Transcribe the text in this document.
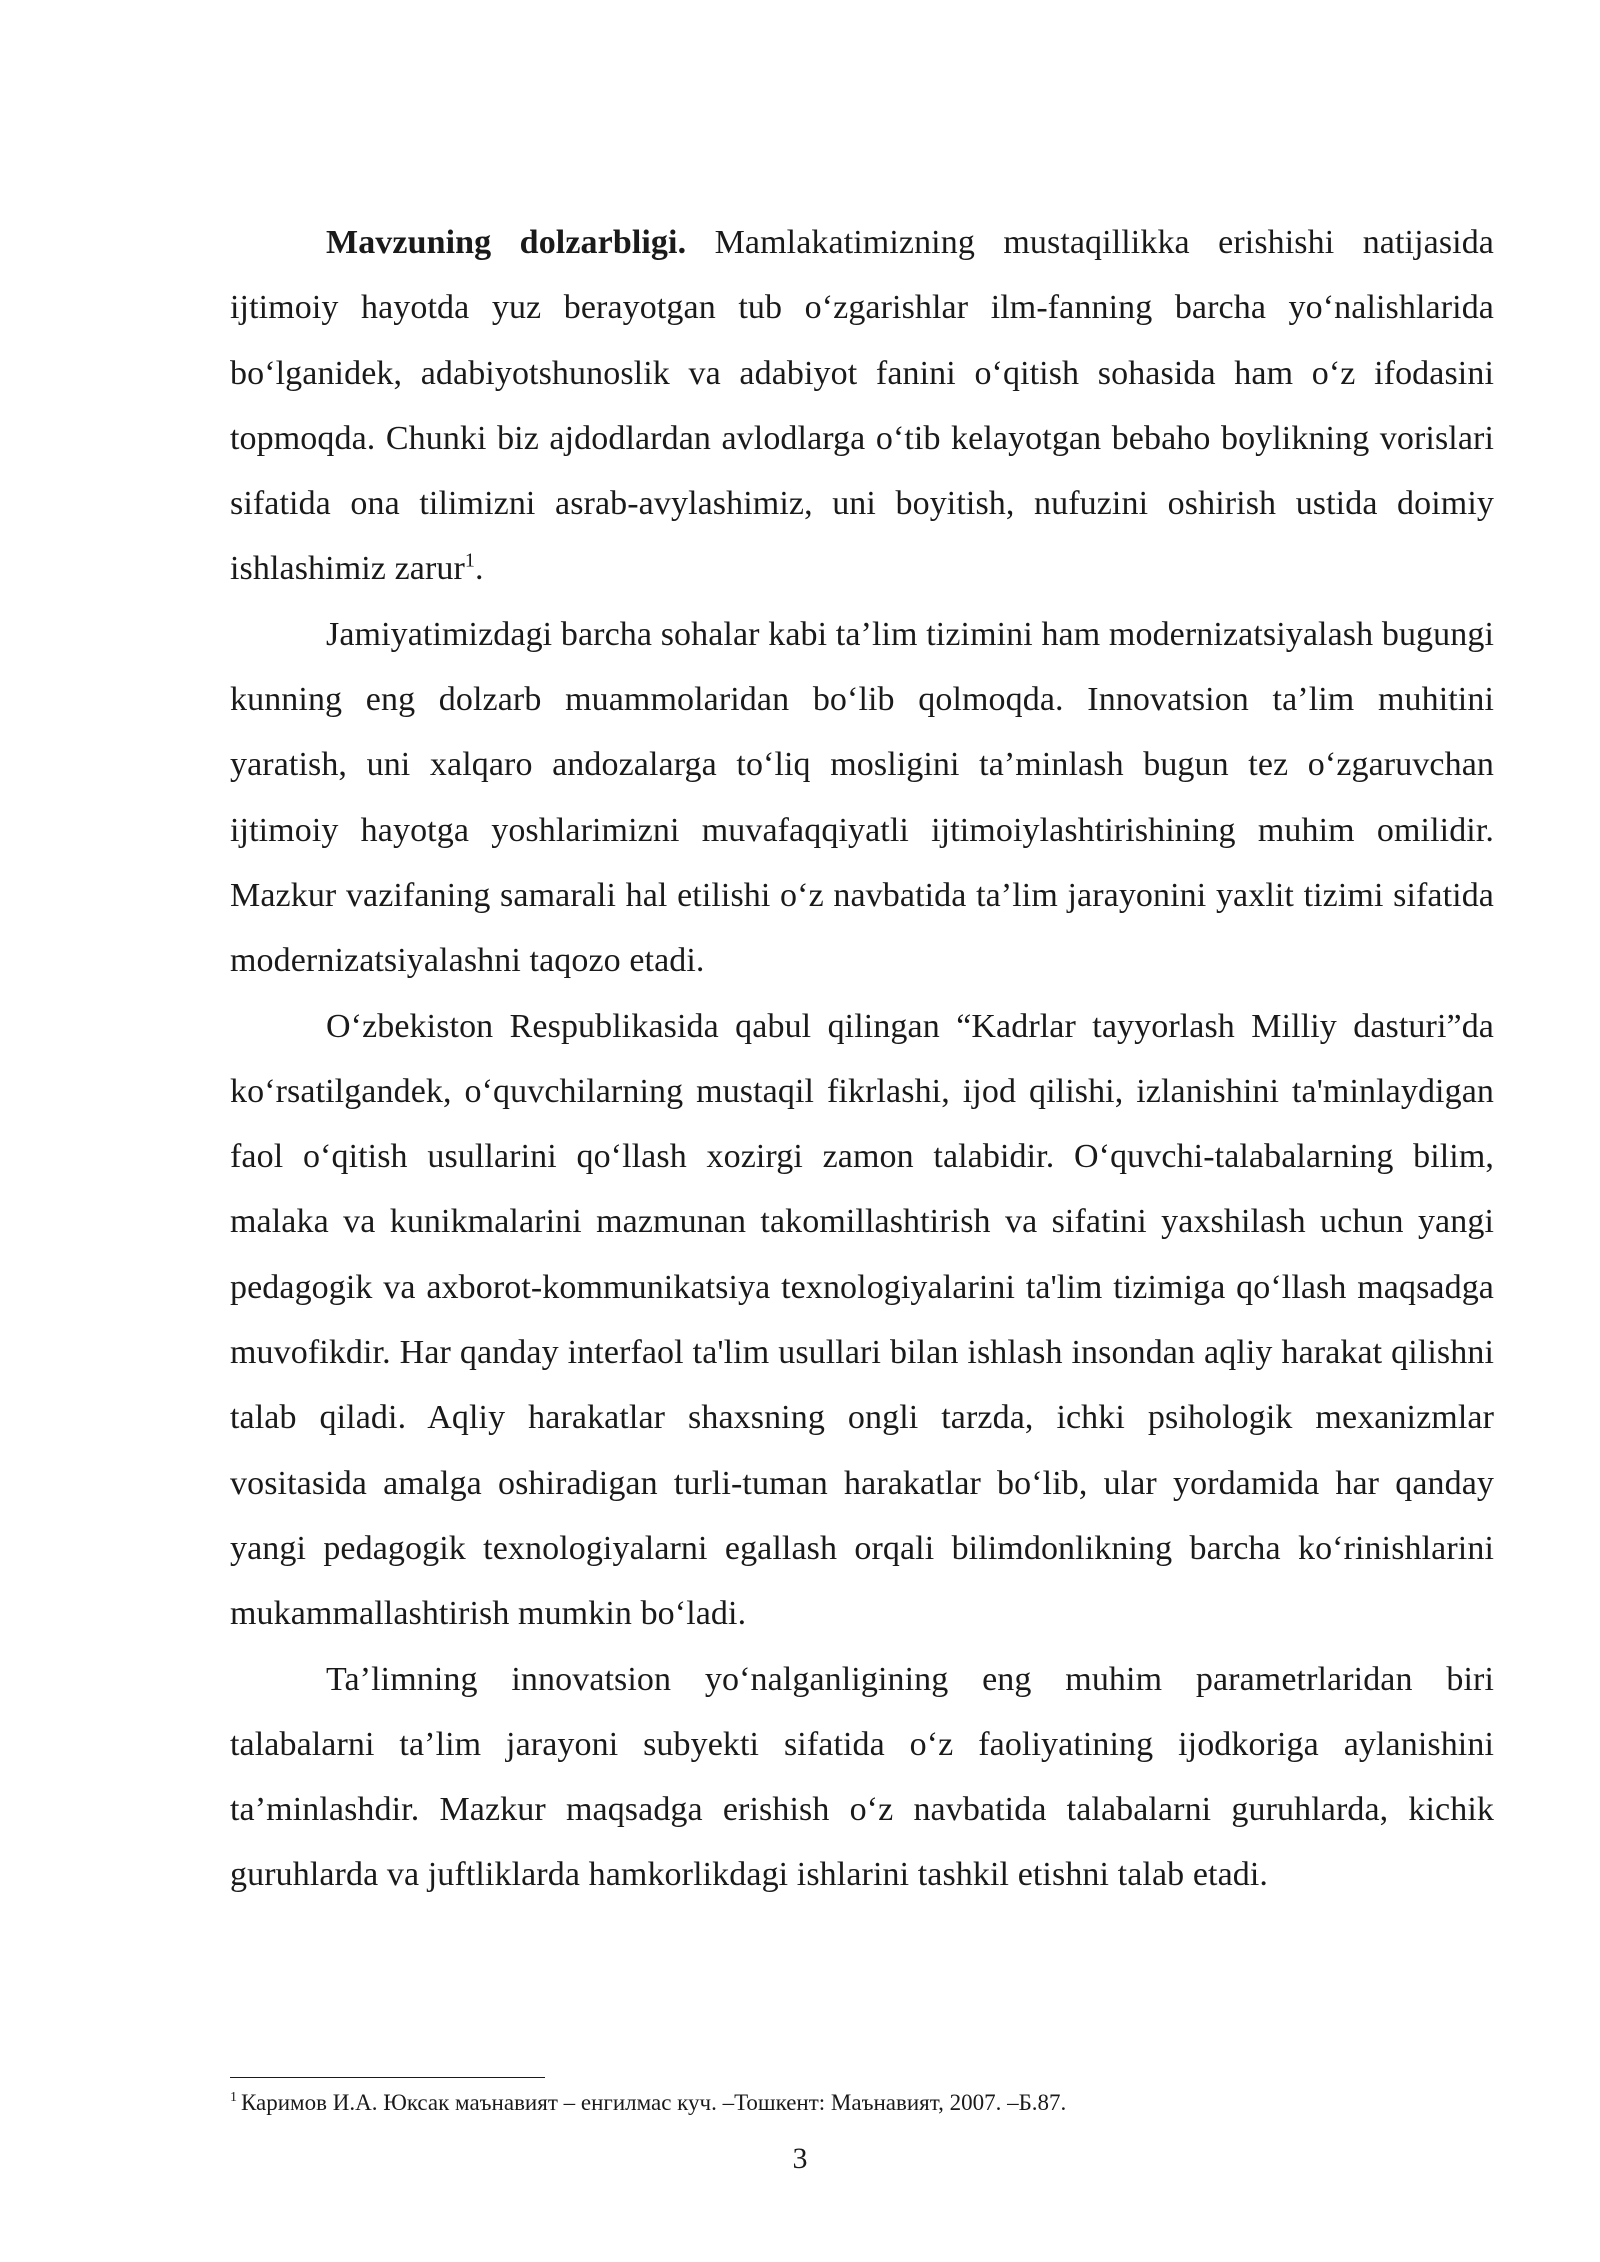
Mavzuning dolzarbligi. Mamlakatimizning mustaqillikka erishishi natijasida ijtimoiy hayotda yuz berayotgan tub o‘zgarishlar ilm-fanning barcha yo‘nalishlarida bo‘lganidek, adabiyotshunoslik va adabiyot fanini o‘qitish sohasida ham o‘z ifodasini topmoqda. Chunki biz ajdodlardan avlodlarga o‘tib kelayotgan bebaho boylikning vorislari sifatida ona tilimizni asrab-avylashimiz, uni boyitish, nufuzini oshirish ustida doimiy ishlashimiz zarur$^1$.

Jamiyatimizdagi barcha sohalar kabi ta’lim tizimini ham modernizatsiyalash bugungi kunning eng dolzarb muammolaridan bo‘lib qolmoqda. Innovatsion ta’lim muhitini yaratish, uni xalqaro andozalarga to‘liq mosligini ta’minlash bugun tez o‘zgaruvchan ijtimoiy hayotga yoshlarimizni muvafaqqiyatli ijtimoiylashtirishining muhim omilidir. Mazkur vazifaning samarali hal etilishi o‘z navbatida ta’lim jarayonini yaxlit tizimi sifatida modernizatsiyalashni taqozo etadi.

O‘zbekiston Respublikasida qabul qilingan “Kadrlar tayyorlash Milliy dasturi”da ko‘rsatilgandek, o‘quvchilarning mustaqil fikrlashi, ijod qilishi, izlanishini ta'minlaydigan faol o‘qitish usullarini qo‘llash xozirgi zamon talabidir. O‘quvchi-talabalarning bilim, malaka va kunikmalarini mazmunan takomillashtirish va sifatini yaxshilash uchun yangi pedagogik va axborot-kommunikatsiya texnologiyalarini ta'lim tizimiga qo‘llash maqsadga muvofikdir. Har qanday interfaol ta'lim usullari bilan ishlash insondan aqliy harakat qilishni talab qiladi. Aqliy harakatlar shaxsning ongli tarzda, ichki psihologik mexanizmlar vositasida amalga oshiradigan turli-tuman harakatlar bo‘lib, ular yordamida har qanday yangi pedagogik texnologiyalarni egallash orqali bilimdonlikning barcha ko‘rinishlarini mukammallashtirish mumkin bo‘ladi.

Ta’limning innovatsion yo‘nalganligining eng muhim parametrlaridan biri talabalarni ta’lim jarayoni subyekti sifatida o‘z faoliyatining ijodkoriga aylanishini ta’minlashdir. Mazkur maqsadga erishish o‘z navbatida talabalarni guruhlarda, kichik guruhlarda va juftliklarda hamkorlikdagi ishlarini tashkil etishni talab etadi.

$^1$ Каримов И.А. Юксак маънавият – енгилмас куч. –Тошкент: Маънавият, 2007. –Б.87.
3
